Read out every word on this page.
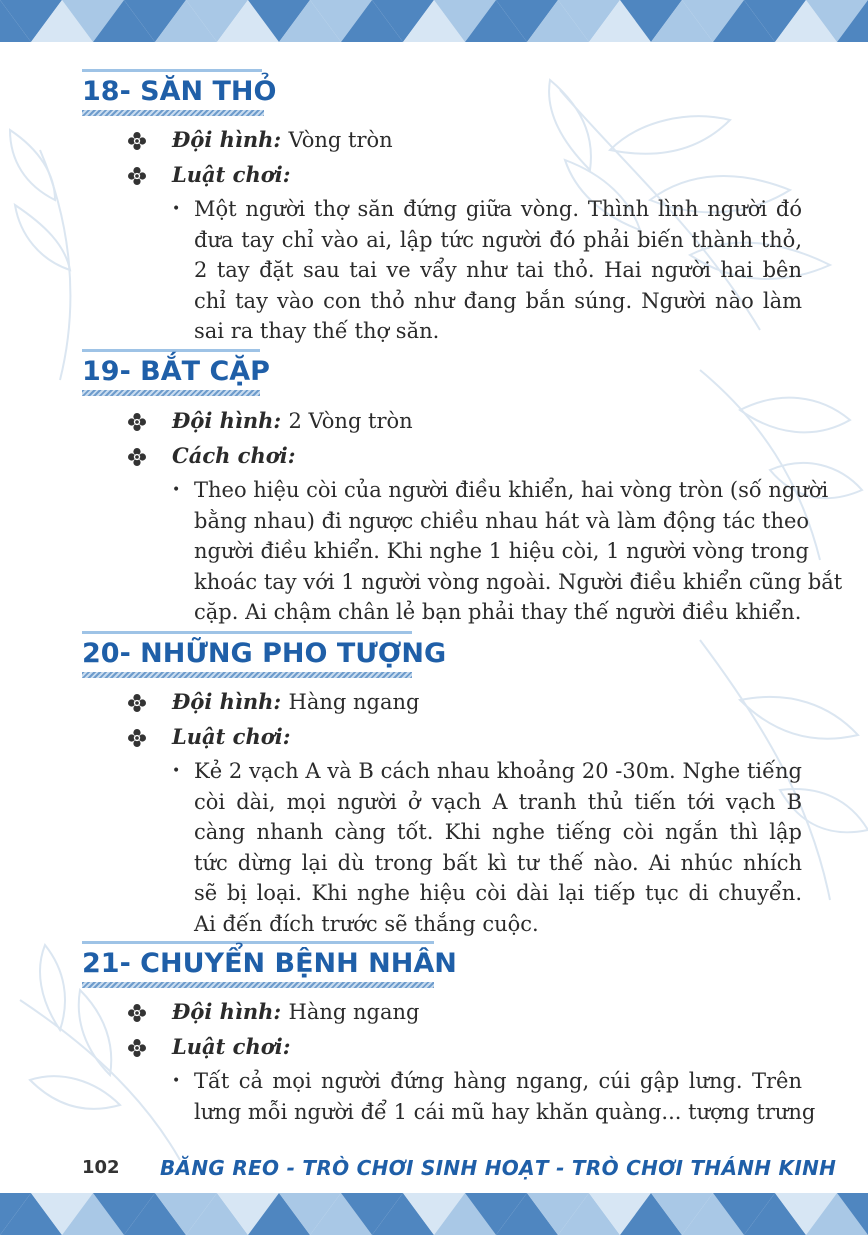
18- SĂN THỎ
Đội hình: Vòng tròn
Luật chơi:
• Một người thợ săn đứng giữa vòng. Thình lình người đó
đưa tay chỉ vào ai, lập tức người đó phải biến thành thỏ,
2 tay đặt sau tai ve vẩy như tai thỏ. Hai người hai bên
chỉ tay vào con thỏ như đang bắn súng. Người nào làm
sai ra thay thế thợ săn.
19- BẮT CẶP
Đội hình: 2 Vòng tròn
Cách chơi:
• Theo hiệu còi của người điều khiển, hai vòng tròn (số người
bằng nhau) đi ngược chiều nhau hát và làm động tác theo
người điều khiển. Khi nghe 1 hiệu còi, 1 người vòng trong
khoác tay với 1 người vòng ngoài. Người điều khiển cũng bắt
cặp. Ai chậm chân lẻ bạn phải thay thế người điều khiển.
20- NHỮNG PHO TƯỢNG
Đội hình: Hàng ngang
Luật chơi:
• Kẻ 2 vạch A và B cách nhau khoảng 20 -30m. Nghe tiếng
còi dài, mọi người ở vạch A tranh thủ tiến tới vạch B
càng nhanh càng tốt. Khi nghe tiếng còi ngắn thì lập
tức dừng lại dù trong bất kì tư thế nào. Ai nhúc nhích
sẽ bị loại. Khi nghe hiệu còi dài lại tiếp tục di chuyển.
Ai đến đích trước sẽ thắng cuộc.
21- CHUYỂN BỆNH NHÂN
Đội hình: Hàng ngang
Luật chơi:
• Tất cả mọi người đứng hàng ngang, cúi gập lưng. Trên
lưng mỗi người để 1 cái mũ hay khăn quàng... tượng trưng
102 BĂNG REO - TRÒ CHƠI SINH HOẠT - TRÒ CHƠI THÁNH KINH
